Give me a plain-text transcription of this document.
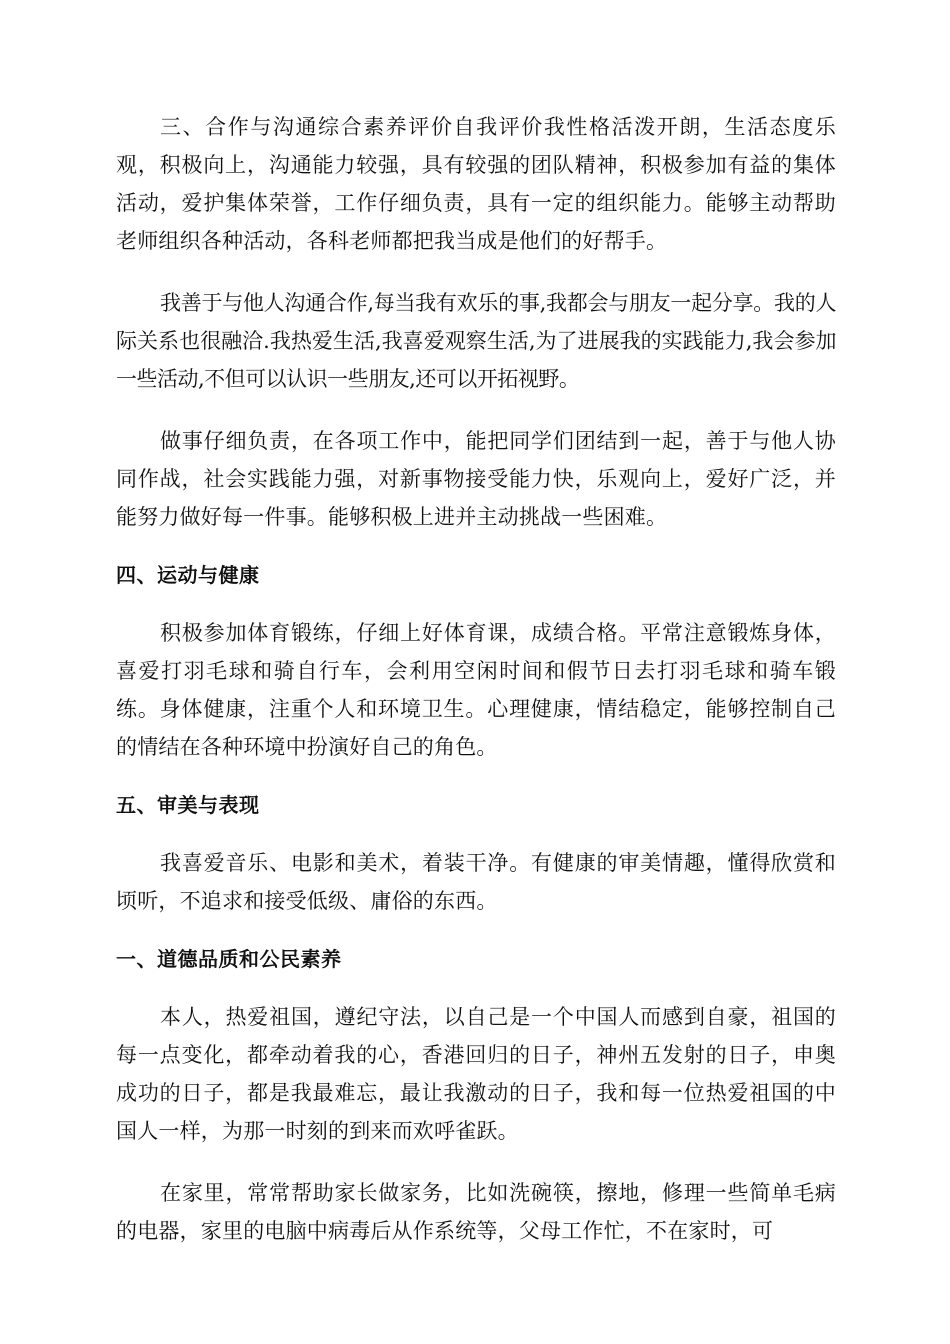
三、合作与沟通综合素养评价自我评价我性格活泼开朗，生活态度乐观，积极向上，沟通能力较强，具有较强的团队精神，积极参加有益的集体活动，爱护集体荣誉，工作仔细负责，具有一定的组织能力。能够主动帮助老师组织各种活动，各科老师都把我当成是他们的好帮手。

我善于与他人沟通合作,每当我有欢乐的事,我都会与朋友一起分享。我的人际关系也很融洽.我热爱生活,我喜爱观察生活,为了进展我的实践能力,我会参加一些活动,不但可以认识一些朋友,还可以开拓视野。

做事仔细负责，在各项工作中，能把同学们团结到一起，善于与他人协同作战，社会实践能力强，对新事物接受能力快，乐观向上，爱好广泛，并能努力做好每一件事。能够积极上进并主动挑战一些困难。

四、运动与健康

积极参加体育锻练，仔细上好体育课，成绩合格。平常注意锻炼身体，喜爱打羽毛球和骑自行车，会利用空闲时间和假节日去打羽毛球和骑车锻练。身体健康，注重个人和环境卫生。心理健康，情结稳定，能够控制自己的情结在各种环境中扮演好自己的角色。

五、审美与表现

我喜爱音乐、电影和美术，着装干净。有健康的审美情趣，懂得欣赏和顷听，不追求和接受低级、庸俗的东西。

一、道德品质和公民素养

本人，热爱祖国，遵纪守法，以自己是一个中国人而感到自豪，祖国的每一点变化，都牵动着我的心，香港回归的日子，神州五发射的日子，申奥成功的日子，都是我最难忘，最让我激动的日子，我和每一位热爱祖国的中国人一样，为那一时刻的到来而欢呼雀跃。

在家里，常常帮助家长做家务，比如洗碗筷，擦地，修理一些简单毛病的电器，家里的电脑中病毒后从作系统等，父母工作忙，不在家时，可
